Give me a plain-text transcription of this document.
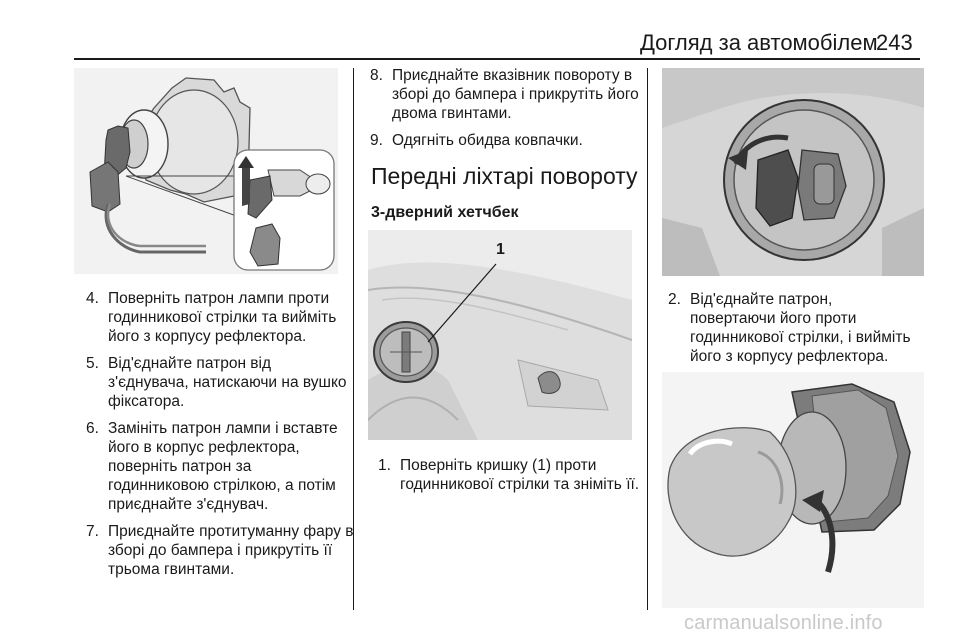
Догляд за автомобілем
243
4. Поверніть патрон лампи проти годинникової стрілки та вийміть його з корпусу рефлектора.
5. Від'єднайте патрон від з'єднувача, натискаючи на вушко фіксатора.
6. Замініть патрон лампи і вставте його в корпус рефлектора, поверніть патрон за годинниковою стрілкою, а потім приєднайте з'єднувач.
7. Приєднайте протитуманну фару в зборі до бампера і прикрутіть її трьома гвинтами.
8. Приєднайте вказівник повороту в зборі до бампера і прикрутіть його двома гвинтами.
9. Одягніть обидва ковпачки.
Передні ліхтарі повороту
3-дверний хетчбек
1
1. Поверніть кришку (1) проти годинникової стрілки та зніміть її.
2. Від'єднайте патрон, повертаючи його проти годинникової стрілки, і вийміть його з корпусу рефлектора.
carmanualsonline.info
